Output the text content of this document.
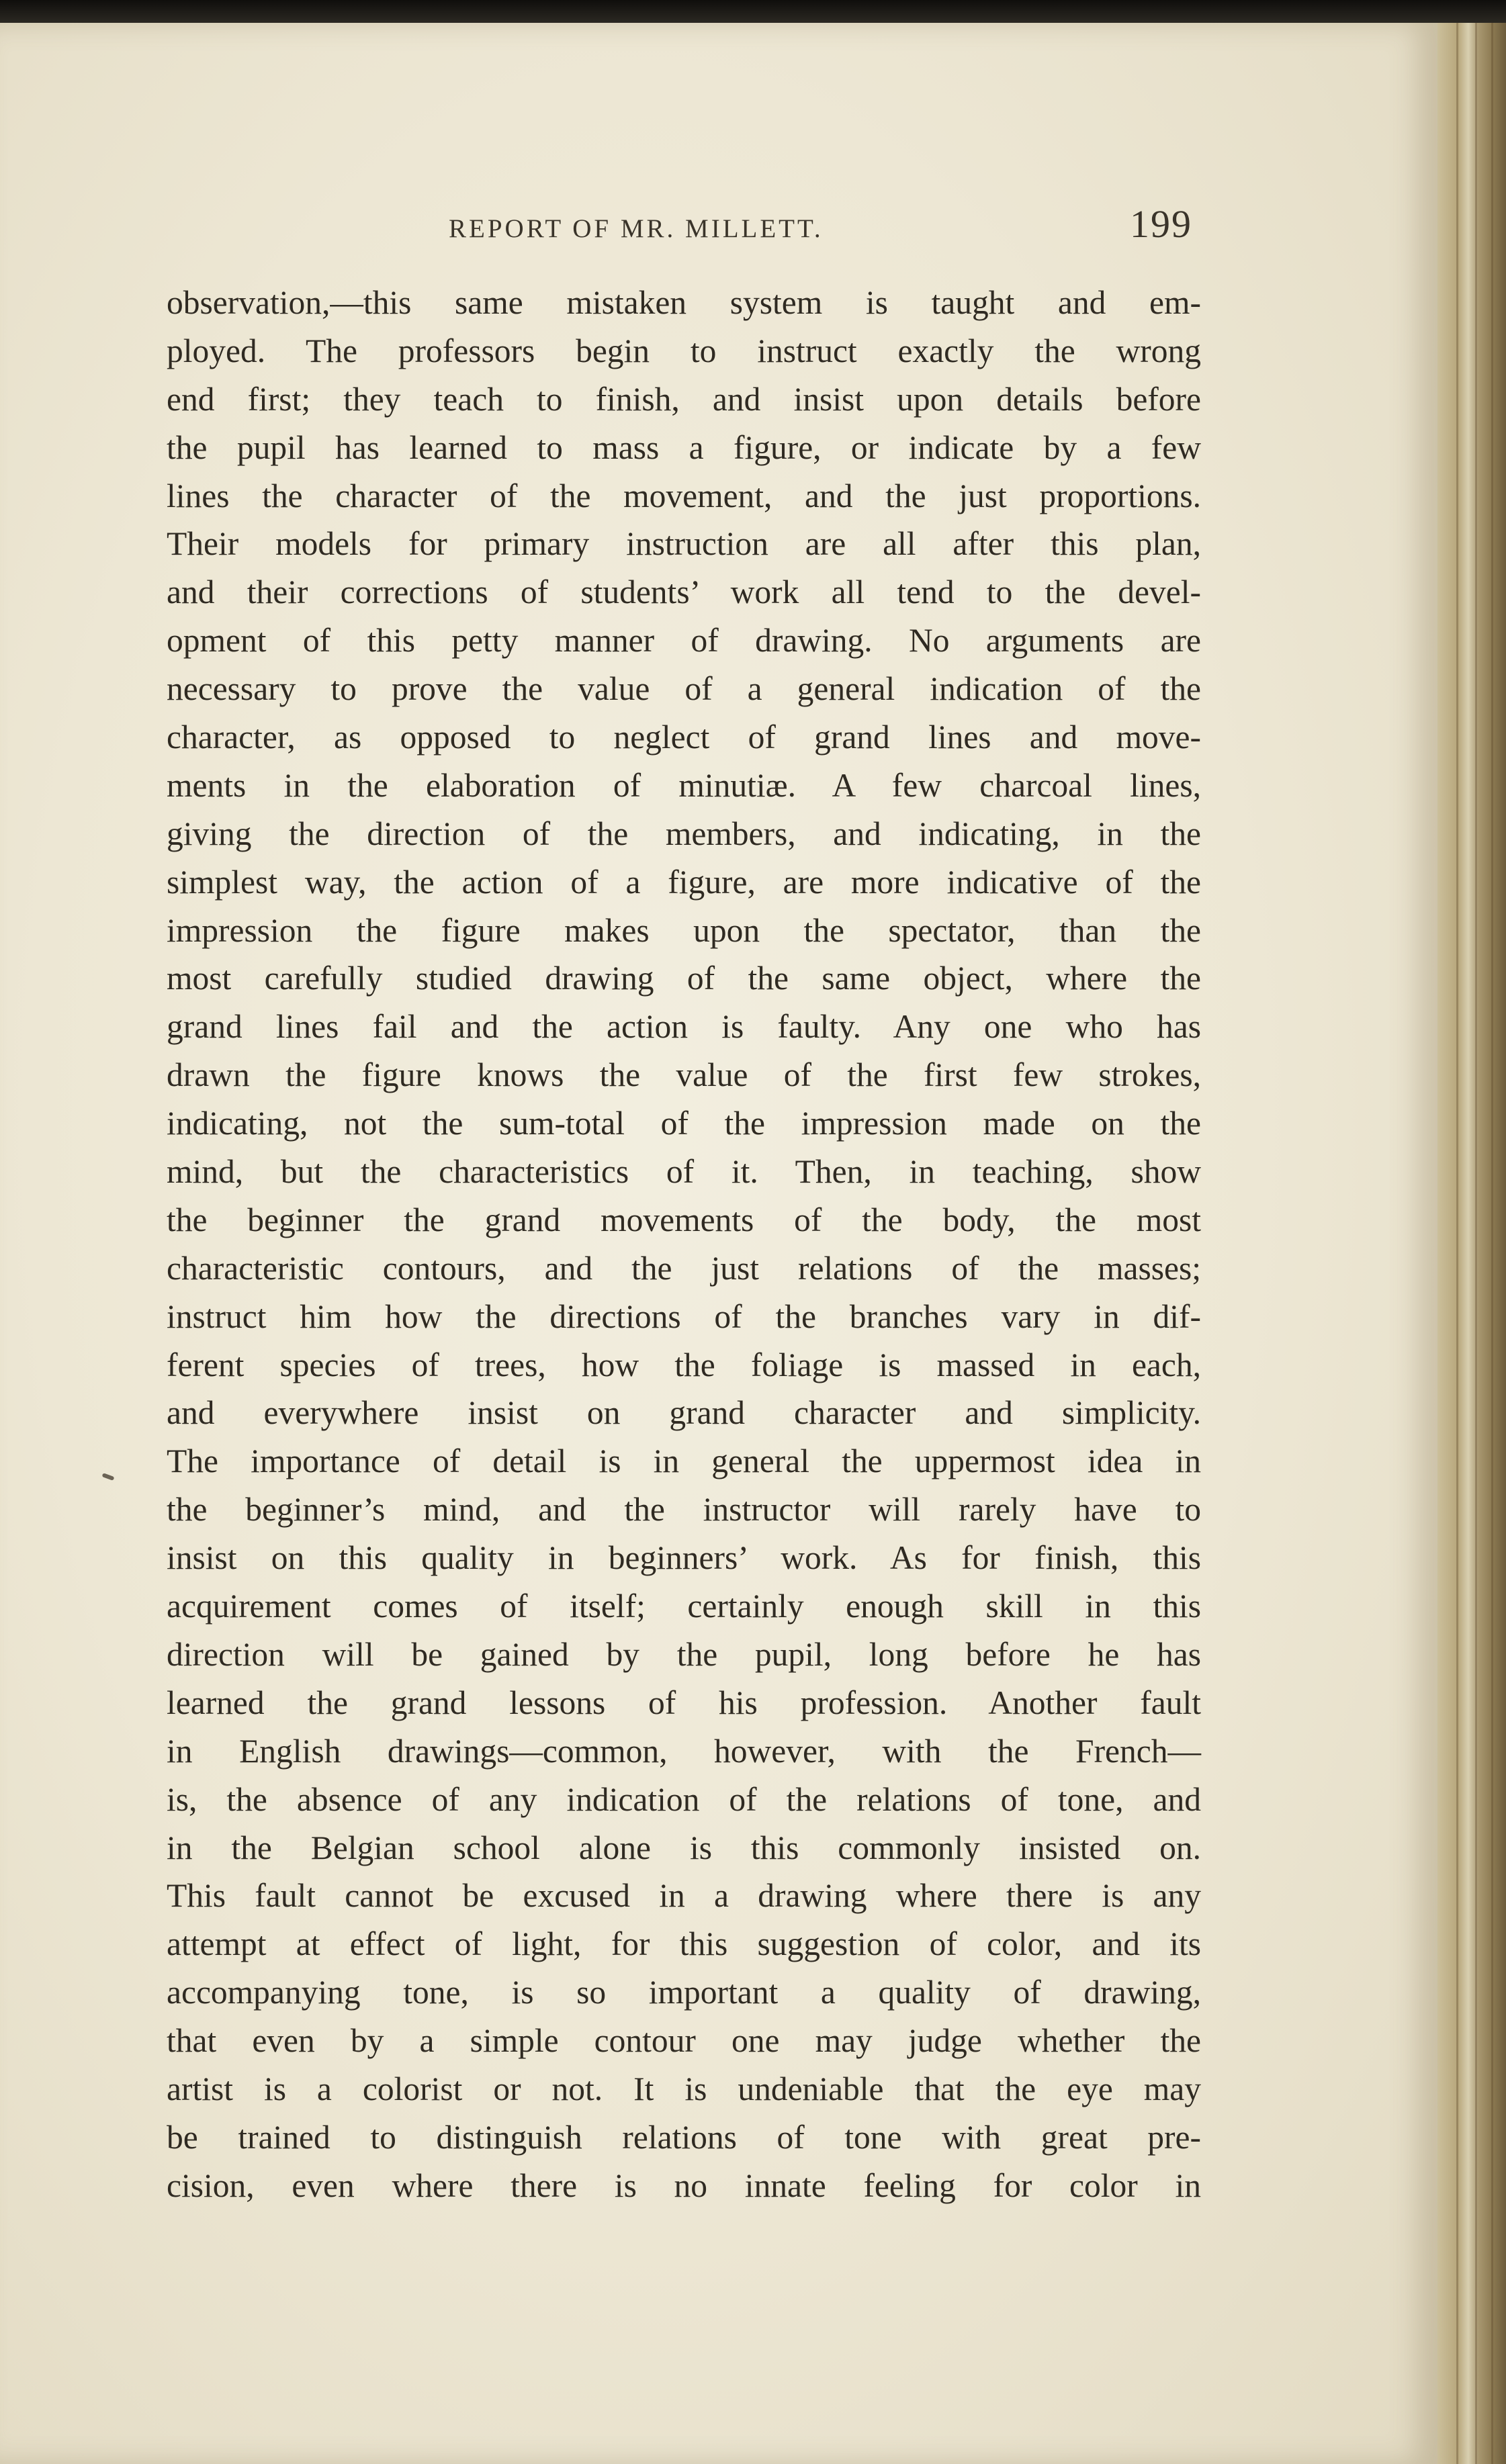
REPORT OF MR. MILLETT.	199
observation,—this same mistaken system is taught and em-
ployed. The professors begin to instruct exactly the wrong
end first; they teach to finish, and insist upon details before
the pupil has learned to mass a figure, or indicate by a few
lines the character of the movement, and the just proportions.
Their models for primary instruction are all after this plan,
and their corrections of students’ work all tend to the devel-
opment of this petty manner of drawing. No arguments are
necessary to prove the value of a general indication of the
character, as opposed to neglect of grand lines and move-
ments in the elaboration of minutiæ. A few charcoal lines,
giving the direction of the members, and indicating, in the
simplest way, the action of a figure, are more indicative of the
impression the figure makes upon the spectator, than the
most carefully studied drawing of the same object, where the
grand lines fail and the action is faulty. Any one who has
drawn the figure knows the value of the first few strokes,
indicating, not the sum-total of the impression made on the
mind, but the characteristics of it. Then, in teaching, show
the beginner the grand movements of the body, the most
characteristic contours, and the just relations of the masses;
instruct him how the directions of the branches vary in dif-
ferent species of trees, how the foliage is massed in each,
and everywhere insist on grand character and simplicity.
The importance of detail is in general the uppermost idea in
the beginner’s mind, and the instructor will rarely have to
insist on this quality in beginners’ work. As for finish, this
acquirement comes of itself; certainly enough skill in this
direction will be gained by the pupil, long before he has
learned the grand lessons of his profession. Another fault
in English drawings—common, however, with the French—
is, the absence of any indication of the relations of tone, and
in the Belgian school alone is this commonly insisted on.
This fault cannot be excused in a drawing where there is any
attempt at effect of light, for this suggestion of color, and its
accompanying tone, is so important a quality of drawing,
that even by a simple contour one may judge whether the
artist is a colorist or not. It is undeniable that the eye may
be trained to distinguish relations of tone with great pre-
cision, even where there is no innate feeling for color in
